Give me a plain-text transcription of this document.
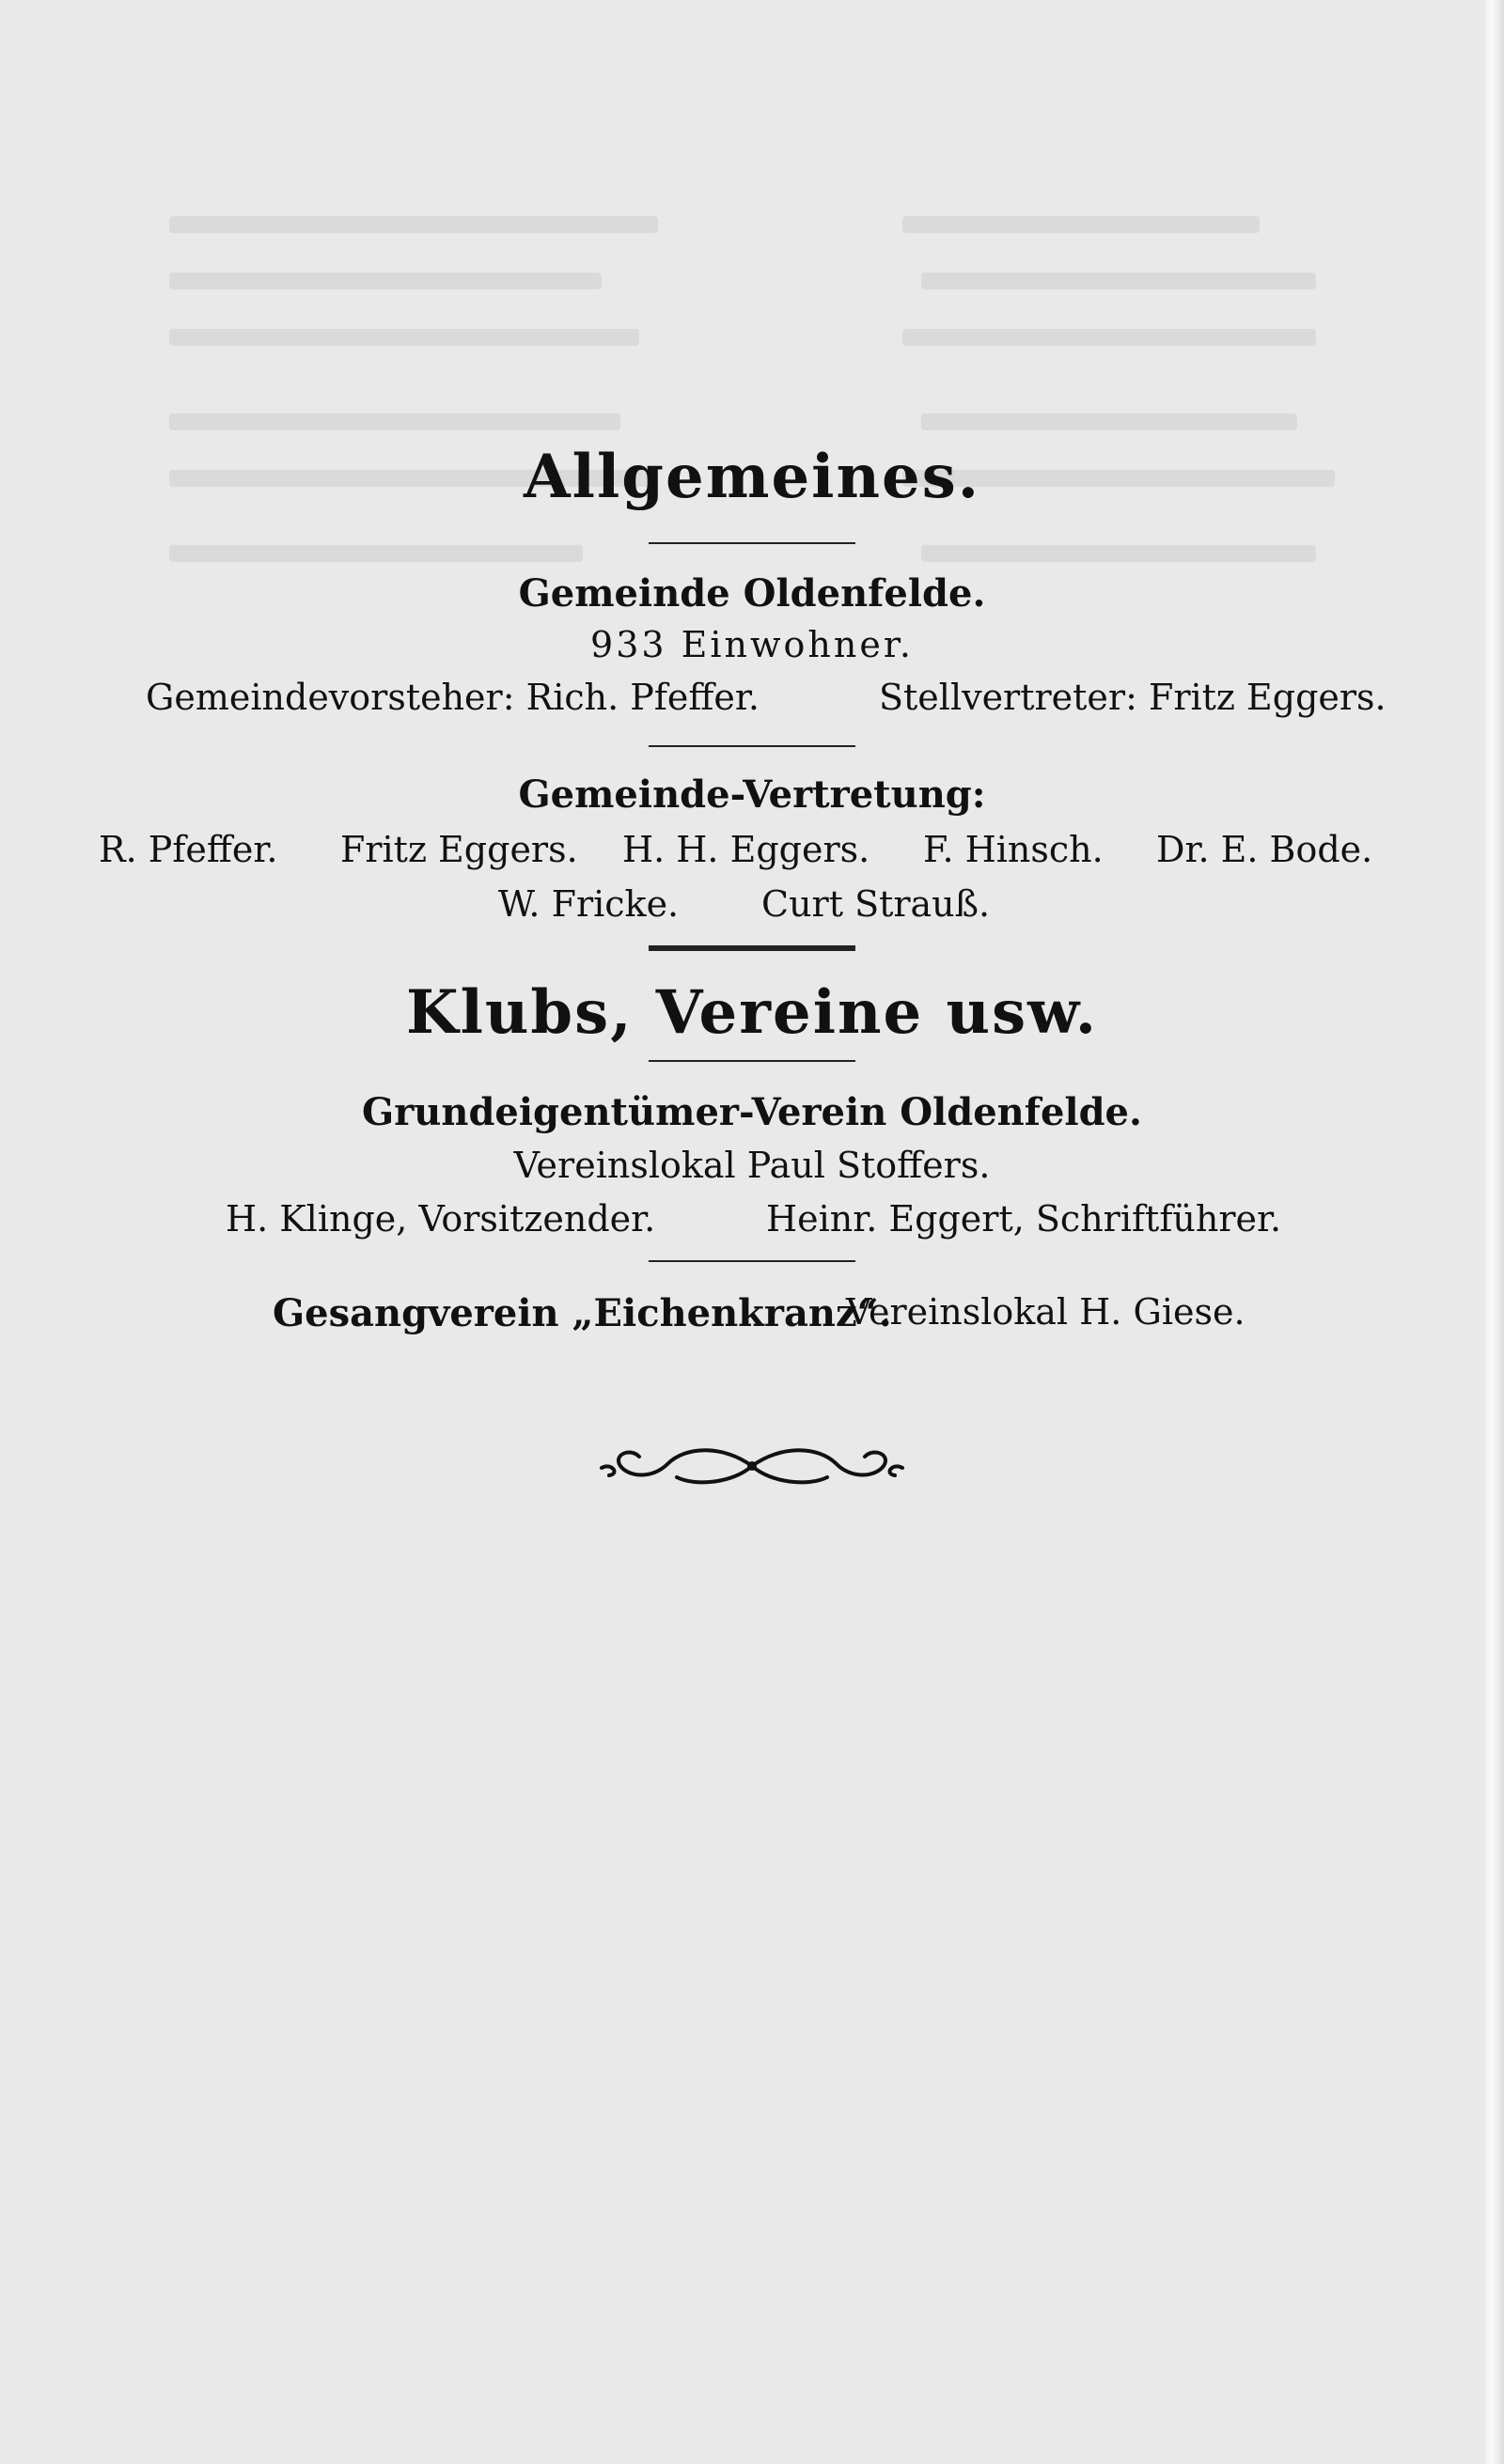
Allgemeines.
Gemeinde Oldenfelde.
933 Einwohner.
Gemeindevorsteher: Rich. Pfeffer.	Stellvertreter: Fritz Eggers.
Gemeinde-Vertretung:
R. Pfeffer. Fritz Eggers. H. H. Eggers. F. Hinsch. Dr. E. Bode.
W. Fricke. Curt Strauß.
Klubs, Vereine usw.
Grundeigentümer-Verein Oldenfelde.
Vereinslokal Paul Stoffers.
H. Klinge, Vorsitzender.	Heinr. Eggert, Schriftführer.
Gesangverein „Eichenkranz“.
Vereinslokal H. Giese.
